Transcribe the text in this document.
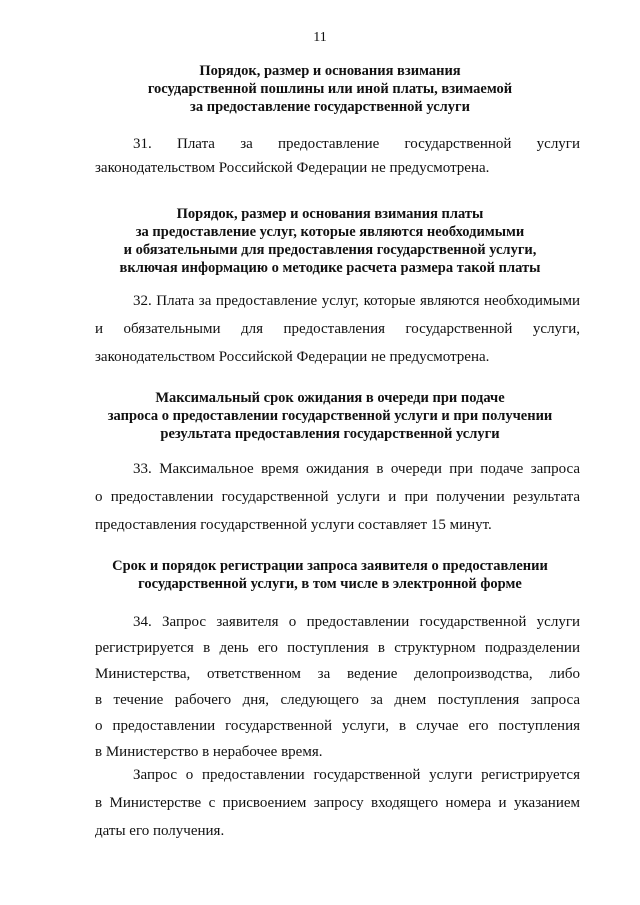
11
Порядок, размер и основания взимания
государственной пошлины или иной платы, взимаемой
за предоставление государственной услуги
31. Плата за предоставление государственной услуги
законодательством Российской Федерации не предусмотрена.
Порядок, размер и основания взимания платы
за предоставление услуг, которые являются необходимыми
и обязательными для предоставления государственной услуги,
включая информацию о методике расчета размера такой платы
32. Плата за предоставление услуг, которые являются необходимыми
и обязательными для предоставления государственной услуги,
законодательством Российской Федерации не предусмотрена.
Максимальный срок ожидания в очереди при подаче
запроса о предоставлении государственной услуги и при получении
результата предоставления государственной услуги
33. Максимальное время ожидания в очереди при подаче запроса
о предоставлении государственной услуги и при получении результата
предоставления государственной услуги составляет 15 минут.
Срок и порядок регистрации запроса заявителя о предоставлении
государственной услуги, в том числе в электронной форме
34. Запрос заявителя о предоставлении государственной услуги
регистрируется в день его поступления в структурном подразделении
Министерства, ответственном за ведение делопроизводства, либо
в течение рабочего дня, следующего за днем поступления запроса
о предоставлении государственной услуги, в случае его поступления
в Министерство в нерабочее время.
Запрос о предоставлении государственной услуги регистрируется
в Министерстве с присвоением запросу входящего номера и указанием
даты его получения.
